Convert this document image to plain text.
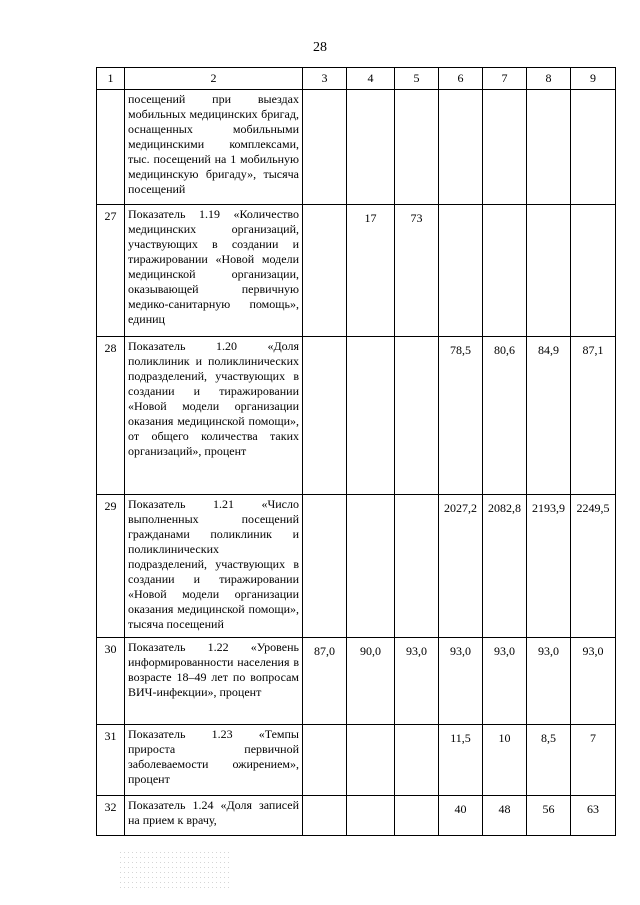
28
1	2	3	4	5	6	7	8	9
	посещений при выездах мобильных медицинских бригад, оснащенных мобильными медицинскими комплексами, тыс. посещений на 1 мобильную медицинскую бригаду», тысяча посещений							
27	Показатель 1.19 «Количество медицинских организаций, участвующих в создании и тиражировании «Новой модели медицинской организации, оказывающей первичную медико-санитарную помощь», единиц		17	73				
28	Показатель 1.20 «Доля поликлиник и поликлинических подразделений, участвующих в создании и тиражировании «Новой модели организации оказания медицинской помощи», от общего количества таких организаций», процент				78,5	80,6	84,9	87,1
29	Показатель 1.21 «Число выполненных посещений гражданами поликлиник и поликлинических подразделений, участвующих в создании и тиражировании «Новой модели организации оказания медицинской помощи», тысяча посещений				2027,2	2082,8	2193,9	2249,5
30	Показатель 1.22 «Уровень информированности населения в возрасте 18–49 лет по вопросам ВИЧ-инфекции», процент	87,0	90,0	93,0	93,0	93,0	93,0	93,0
31	Показатель 1.23 «Темпы прироста первичной заболеваемости ожирением», процент				11,5	10	8,5	7
32	Показатель 1.24 «Доля записей на прием к врачу,				40	48	56	63
